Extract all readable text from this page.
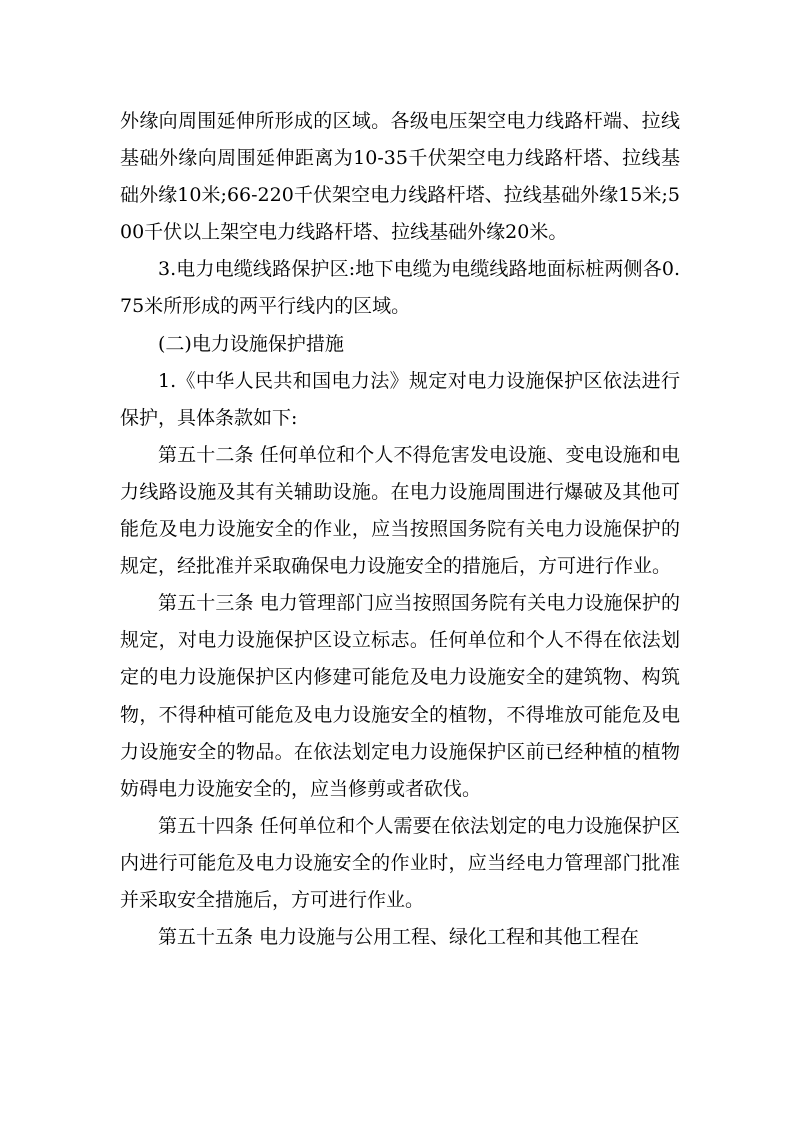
外缘向周围延伸所形成的区域。各级电压架空电力线路杆端、拉线基础外缘向周围延伸距离为10-35千伏架空电力线路杆塔、拉线基础外缘10米;66-220千伏架空电力线路杆塔、拉线基础外缘15米;500千伏以上架空电力线路杆塔、拉线基础外缘20米。

3.电力电缆线路保护区:地下电缆为电缆线路地面标桩两侧各0.75米所形成的两平行线内的区域。

(二)电力设施保护措施

1.《中华人民共和国电力法》规定对电力设施保护区依法进行保护，具体条款如下:

第五十二条 任何单位和个人不得危害发电设施、变电设施和电力线路设施及其有关辅助设施。在电力设施周围进行爆破及其他可能危及电力设施安全的作业，应当按照国务院有关电力设施保护的规定，经批准并采取确保电力设施安全的措施后，方可进行作业。

第五十三条 电力管理部门应当按照国务院有关电力设施保护的规定，对电力设施保护区设立标志。任何单位和个人不得在依法划定的电力设施保护区内修建可能危及电力设施安全的建筑物、构筑物，不得种植可能危及电力设施安全的植物，不得堆放可能危及电力设施安全的物品。在依法划定电力设施保护区前已经种植的植物妨碍电力设施安全的，应当修剪或者砍伐。

第五十四条 任何单位和个人需要在依法划定的电力设施保护区内进行可能危及电力设施安全的作业时，应当经电力管理部门批准并采取安全措施后，方可进行作业。

第五十五条 电力设施与公用工程、绿化工程和其他工程在
